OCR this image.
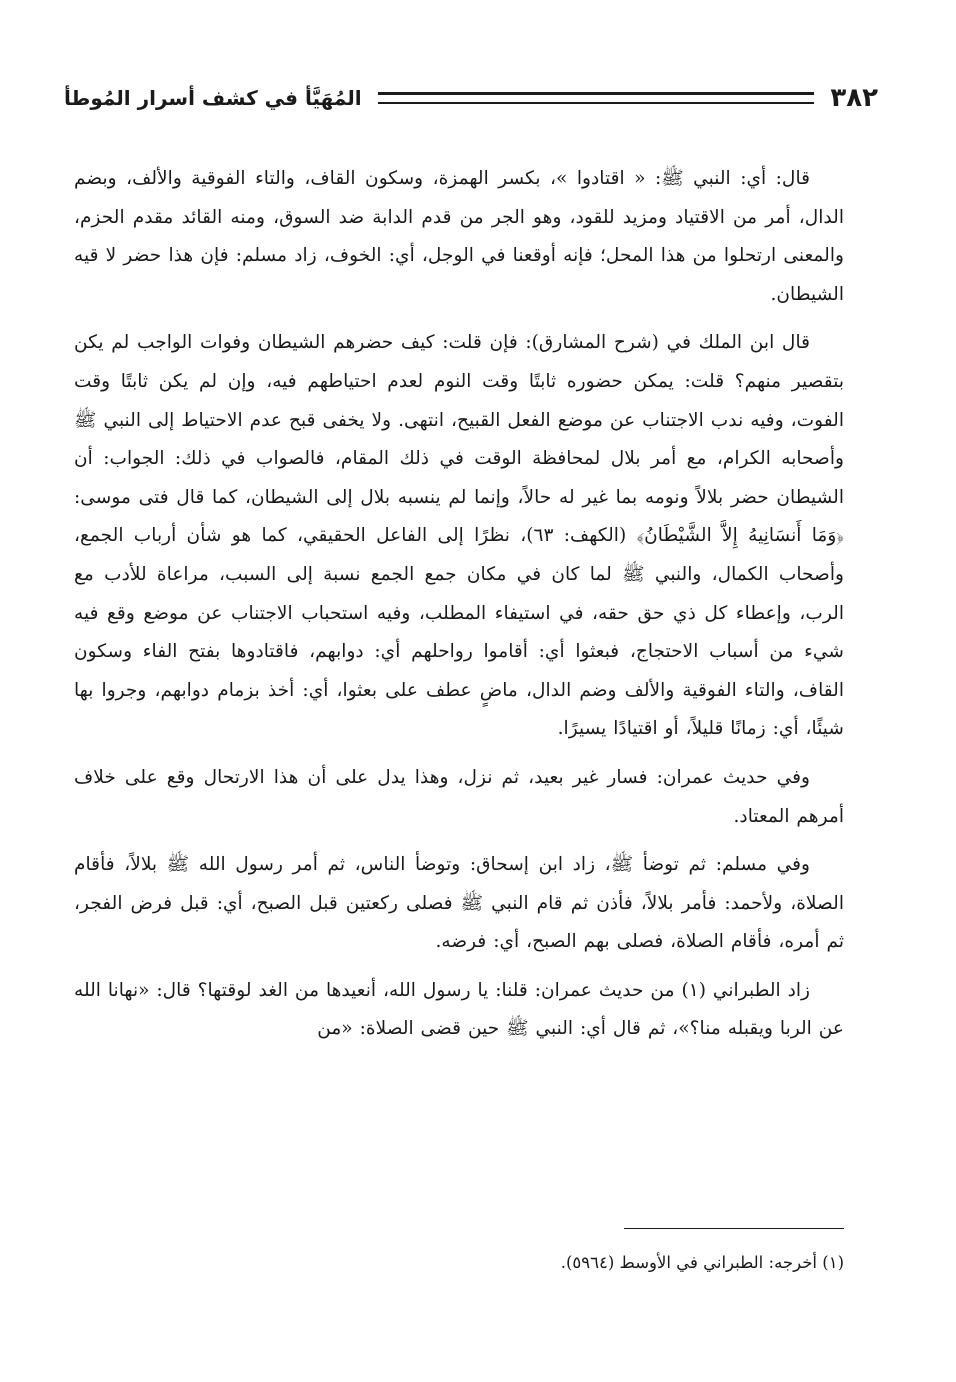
٣٨٢
المُهَيَّأ في كشف أسرار المُوطأ

قال: أي: النبي ﷺ: « اقتادوا »، بكسر الهمزة، وسكون القاف، والتاء الفوقية والألف، وبضم الدال، أمر من الاقتياد ومزيد للقود، وهو الجر من قدم الدابة ضد السوق، ومنه القائد مقدم الحزم، والمعنى ارتحلوا من هذا المحل؛ فإنه أوقعنا في الوجل، أي: الخوف، زاد مسلم: فإن هذا حضر لا قيه الشيطان.

قال ابن الملك في (شرح المشارق): فإن قلت: كيف حضرهم الشيطان وفوات الواجب لم يكن بتقصير منهم؟ قلت: يمكن حضوره ثابتًا وقت النوم لعدم احتياطهم فيه، وإن لم يكن ثابتًا وقت الفوت، وفيه ندب الاجتناب عن موضع الفعل القبيح، انتهى. ولا يخفى قبح عدم الاحتياط إلى النبي ﷺ وأصحابه الكرام، مع أمر بلال لمحافظة الوقت في ذلك المقام، فالصواب في ذلك: الجواب: أن الشيطان حضر بلالاً ونومه بما غير له حالاً، وإنما لم ينسبه بلال إلى الشيطان، كما قال فتى موسى: ﴿وَمَا أَنسَانِيهُ إِلاَّ الشَّيْطَانُ﴾ (الكهف: ٦٣)، نظرًا إلى الفاعل الحقيقي، كما هو شأن أرباب الجمع، وأصحاب الكمال، والنبي ﷺ لما كان في مكان جمع الجمع نسبة إلى السبب، مراعاة للأدب مع الرب، وإعطاء كل ذي حق حقه، في استيفاء المطلب، وفيه استحباب الاجتناب عن موضع وقع فيه شيء من أسباب الاحتجاج، فبعثوا أي: أقاموا رواحلهم أي: دوابهم، فاقتادوها بفتح الفاء وسكون القاف، والتاء الفوقية والألف وضم الدال، ماضٍ عطف على بعثوا، أي: أخذ بزمام دوابهم، وجروا بها شيئًا، أي: زمانًا قليلاً، أو اقتيادًا يسيرًا.

وفي حديث عمران: فسار غير بعيد، ثم نزل، وهذا يدل على أن هذا الارتحال وقع على خلاف أمرهم المعتاد.

وفي مسلم: ثم توضأ ﷺ، زاد ابن إسحاق: وتوضأ الناس، ثم أمر رسول الله ﷺ بلالاً، فأقام الصلاة، ولأحمد: فأمر بلالاً، فأذن ثم قام النبي ﷺ فصلى ركعتين قبل الصبح، أي: قبل فرض الفجر، ثم أمره، فأقام الصلاة، فصلى بهم الصبح، أي: فرضه.

زاد الطبراني (١) من حديث عمران: قلنا: يا رسول الله، أنعيدها من الغد لوقتها؟ قال: «نهانا الله عن الربا ويقبله منا؟»، ثم قال أي: النبي ﷺ حين قضى الصلاة: «من

(١) أخرجه: الطبراني في الأوسط (٥٩٦٤).
